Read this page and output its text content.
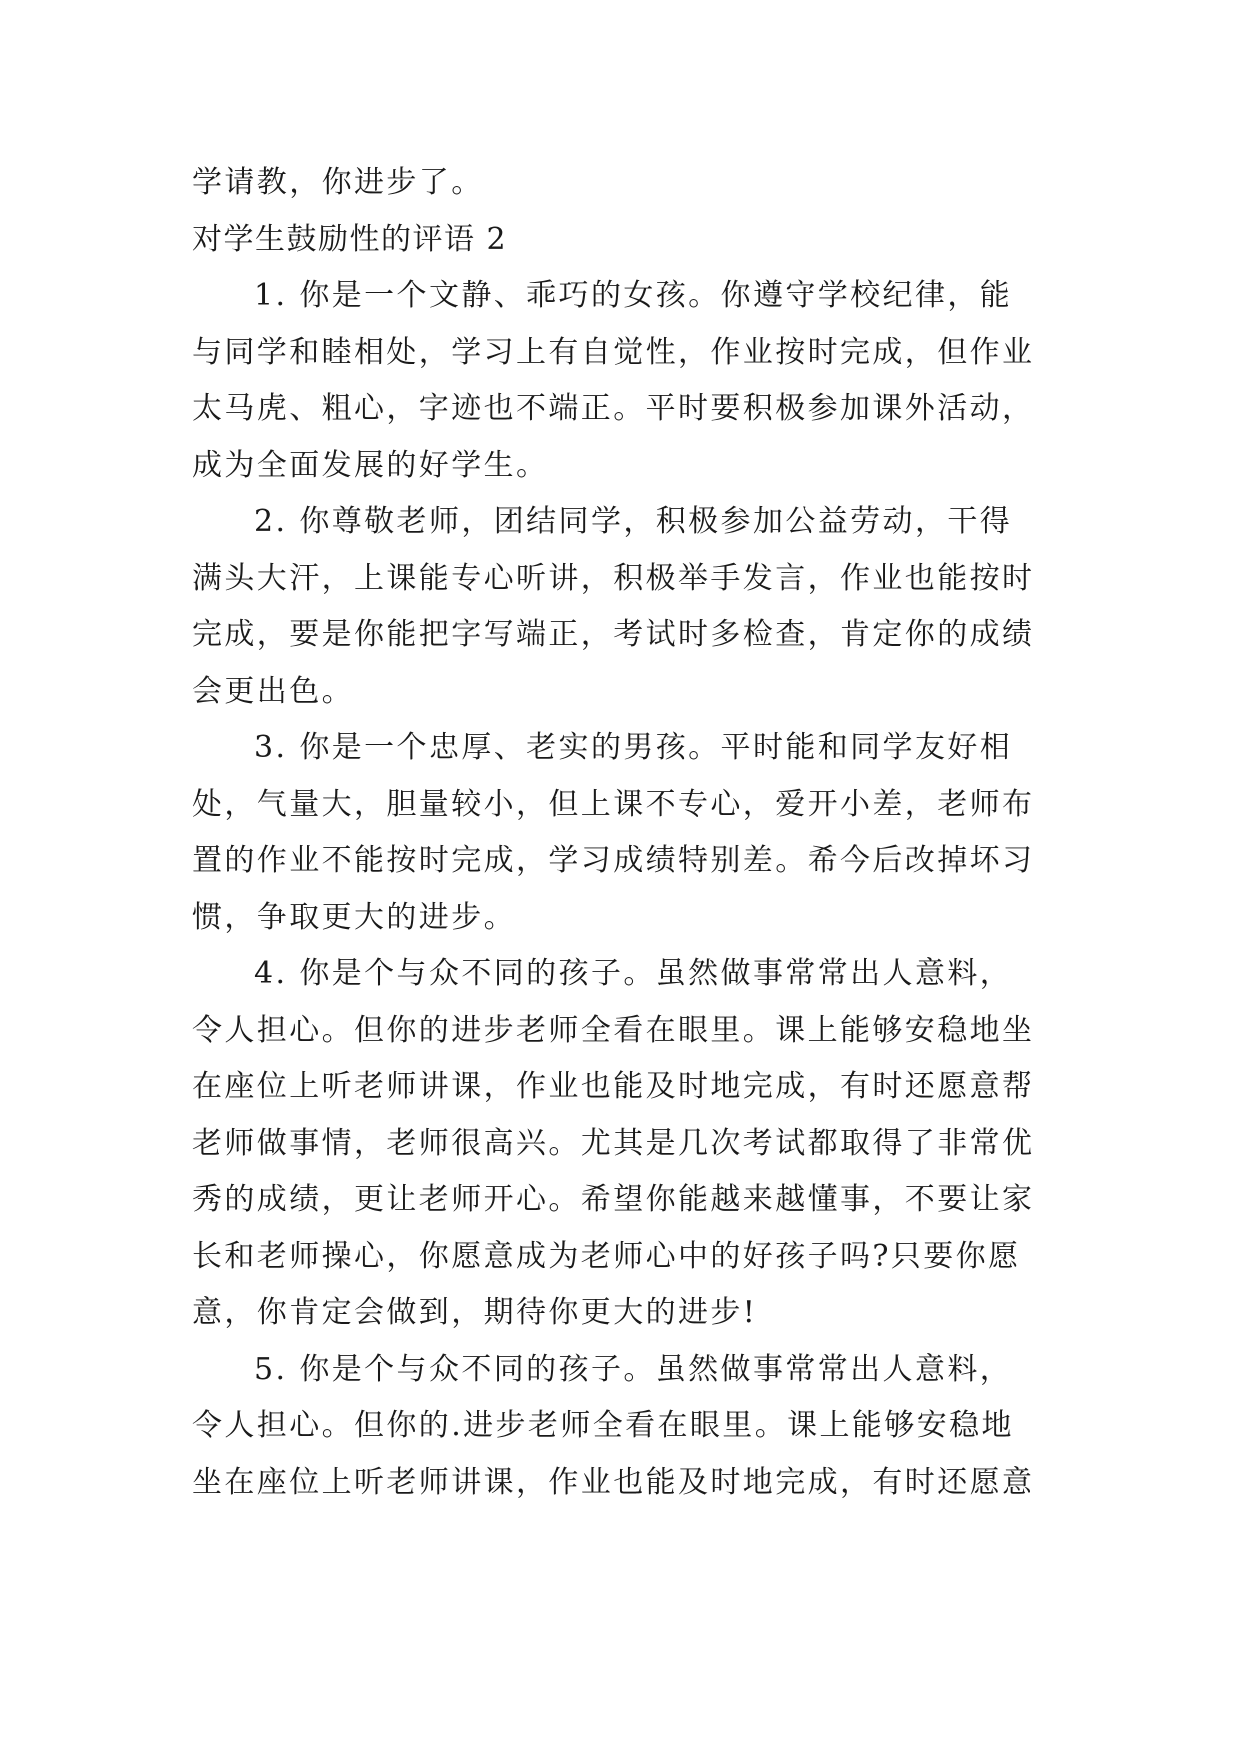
学请教，你进步了。

对学生鼓励性的评语 2

1. 你是一个文静、乖巧的女孩。你遵守学校纪律，能

与同学和睦相处，学习上有自觉性，作业按时完成，但作业

太马虎、粗心，字迹也不端正。平时要积极参加课外活动，

成为全面发展的好学生。

2. 你尊敬老师，团结同学，积极参加公益劳动，干得

满头大汗，上课能专心听讲，积极举手发言，作业也能按时

完成，要是你能把字写端正，考试时多检查，肯定你的成绩

会更出色。

3. 你是一个忠厚、老实的男孩。平时能和同学友好相

处，气量大，胆量较小，但上课不专心，爱开小差，老师布

置的作业不能按时完成，学习成绩特别差。希今后改掉坏习

惯，争取更大的进步。

4. 你是个与众不同的孩子。虽然做事常常出人意料，

令人担心。但你的进步老师全看在眼里。课上能够安稳地坐

在座位上听老师讲课，作业也能及时地完成，有时还愿意帮

老师做事情，老师很高兴。尤其是几次考试都取得了非常优

秀的成绩，更让老师开心。希望你能越来越懂事，不要让家

长和老师操心，你愿意成为老师心中的好孩子吗?只要你愿

意，你肯定会做到，期待你更大的进步!

5. 你是个与众不同的孩子。虽然做事常常出人意料，

令人担心。但你的.进步老师全看在眼里。课上能够安稳地

坐在座位上听老师讲课，作业也能及时地完成，有时还愿意
